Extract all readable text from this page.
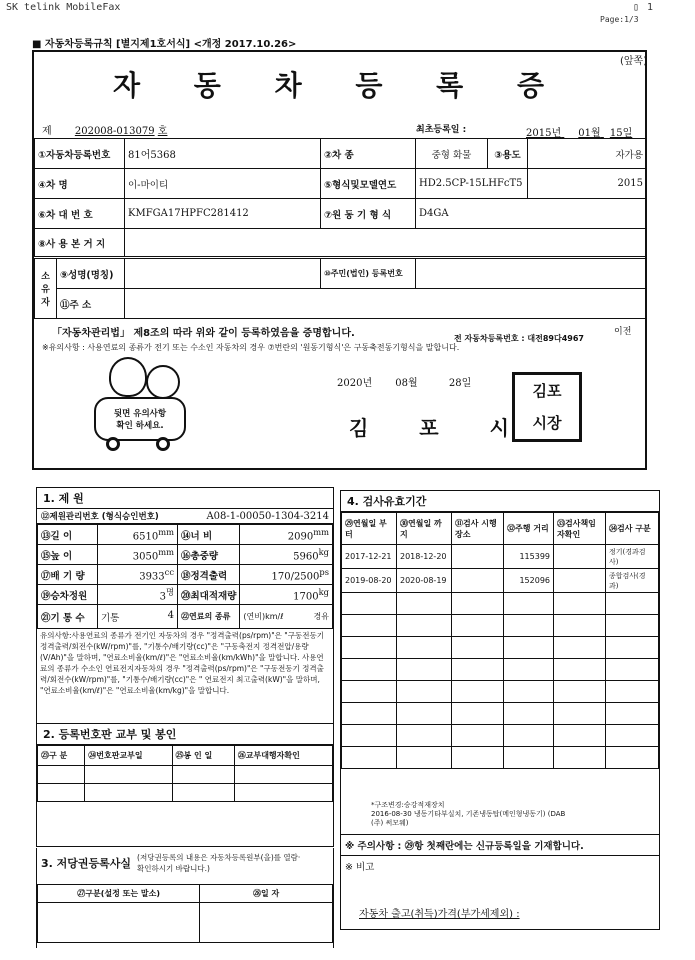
SK telink MobileFax	▯ 1
Page:1/3
■ 자동차등록규칙 [별지제1호서식] <개정 2017.10.26>
(앞쪽)
자 동 차 등 록 증
제 202008-013079 호	최초등록일 :	2015년 01월 15일
①자동차등록번호	81어5368	②차 종	중형 화물	③용도	자가용
④차 명	이-마이티	⑤형식및모델연도	HD2.5CP-15LHFcT5		2015
⑥차 대 번 호	KMFGA17HPFC281412	⑦원 동 기 형 식	D4GA		
⑧사 용 본 거 지					
소유자	⑨성명(명칭)		⑩주민(법인) 등록번호	
	⑪주 소			
「자동차관리법」 제8조의 따라 위와 같이 등록하였음을 증명합니다.	이전
※유의사항 : 사용연료의 종류가 전기 또는 수소인 자동차의 경우 ⑦번란의 '원동기형식'은 구동축전동기형식을 말합니다.
전 자동차등록번호 : 대전89다4967
뒷면 유의사항
확인 하세요.
2020년 08월	28일
김 포 시
김포
시장
1. 제 원
⑫제원관리번호 (형식승인번호)	A08-1-00050-1304-3214
⑬길 이	$6510^{mm}$	⑭너 비	$2090^{mm}$
⑮높 이	$3050^{mm}$	⑯총중량	$5960^{kg}$
⑰배 기 량	$3933^{cc}$	⑱정격출력	$170/2500^{ps}$
⑲승차정원	$3^명$	⑳최대적재량	$1700^{kg}$
㉑기 통 수	기통 4	㉒연료의 종류	(연비)km/ℓ 경유
유의사항:사용연료의 종류가 전기인 자동차의 경우 "정격출력(ps/rpm)"은 "구동전동기 정격출력/회전수(kW/rpm)"를, "기통수/배기량(cc)"은 "구동축전지 정격전압/용량(V/Ah)"을 말하며, "연료소비율(km/ℓ)"은 "연료소비율(km/kWh)"을 말합니다. 사용연료의 종류가 수소인 연료전지자동차의 경우 "정격출력(ps/rpm)"은 "구동전동기 정격출력/회전수(kW/rpm)"를, "기통수/배기량(cc)"은 " 연료전지 최고출력(kW)"을 말하며, "연료소비율(km/ℓ)"은 "연료소비율(km/kg)"을 말합니다.
2. 등록번호판 교부 및 봉인
㉓구 분	㉔번호판교부일	㉕봉 인 일	㉖교부대행자확인

3. 저당권등록사실 (저당권등록의 내용은 자동차등록원부(을)를 열람·확인하시기 바랍니다.)
㉗구분(설정 또는 말소)	㉘일 자

4. 검사유효기간
㉙연월일 부터	㉚연월일 까지	㉛검사 시행장소	㉜주행 거리	㉝검사책임자확인	㉞검사 구분
2017-12-21	2018-12-20		115399		정기(경과검사)
2019-08-20	2020-08-19		152096		종합검사(경과)

*구조변경:승강적재장치
2016-08-30 냉동기타부실치, 기존냉동탑(메인형냉동기) (DAB
(주) 써모웨)
※ 주의사항 : ㉙항 첫째란에는 신규등록일을 기재합니다.
※ 비고
자동차 출고(취득)가격(부가세제외) :
